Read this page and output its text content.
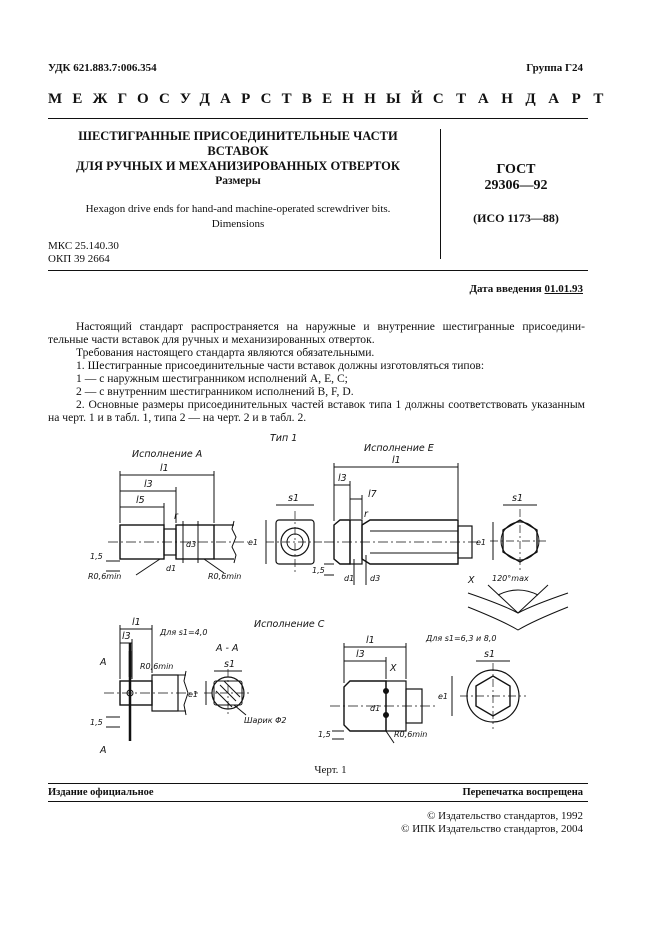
УДК 621.883.7:006.354	Группа Г24
МЕЖГОСУДАРСТВЕННЫЙ СТАНДАРТ
ШЕСТИГРАННЫЕ ПРИСОЕДИНИТЕЛЬНЫЕ ЧАСТИ ВСТАВОК
ДЛЯ РУЧНЫХ И МЕХАНИЗИРОВАННЫХ ОТВЕРТОК
Размеры
Hexagon drive ends for hand-and machine-operated screwdriver bits.
Dimensions
ГОСТ
29306—92
(ИСО 1173—88)
МКС 25.140.30
ОКП 39 2664
Дата введения 01.01.93
Настоящий стандарт распространяется на наружные и внутренние шестигранные присоедини-тельные части вставок для ручных и механизированных отверток.
Требования настоящего стандарта являются обязательными.
1. Шестигранные присоединительные части вставок должны изготовляться типов:
1 — с наружным шестигранником исполнений А, Е, С;
2 — с внутренним шестигранником исполнений В, F, D.
2. Основные размеры присоединительных частей вставок типа 1 должны соответствовать указанным на черт. 1 и в табл. 1, типа 2 — на черт. 2 и в табл. 2.
Тип 1
Исполнение А
Исполнение Е
Исполнение С
l1
l3
l5
r
1,5
R0,6min	R0,6min
d3
d1
s1
e1
l1
l3
l7
r
1,5
d1 d3
s1
e1
X 120°max
l1
l3	Для s1=4,0
А - А
А
А
R0,6min
1,5
s1
e1
Шарик Φ2
l1
l3
X
Для s1=6,3 и 8,0
s1
e1
d1
1,5	R0,6min
Черт. 1
Издание официальное	Перепечатка воспрещена
© Издательство стандартов, 1992
© ИПК Издательство стандартов, 2004
